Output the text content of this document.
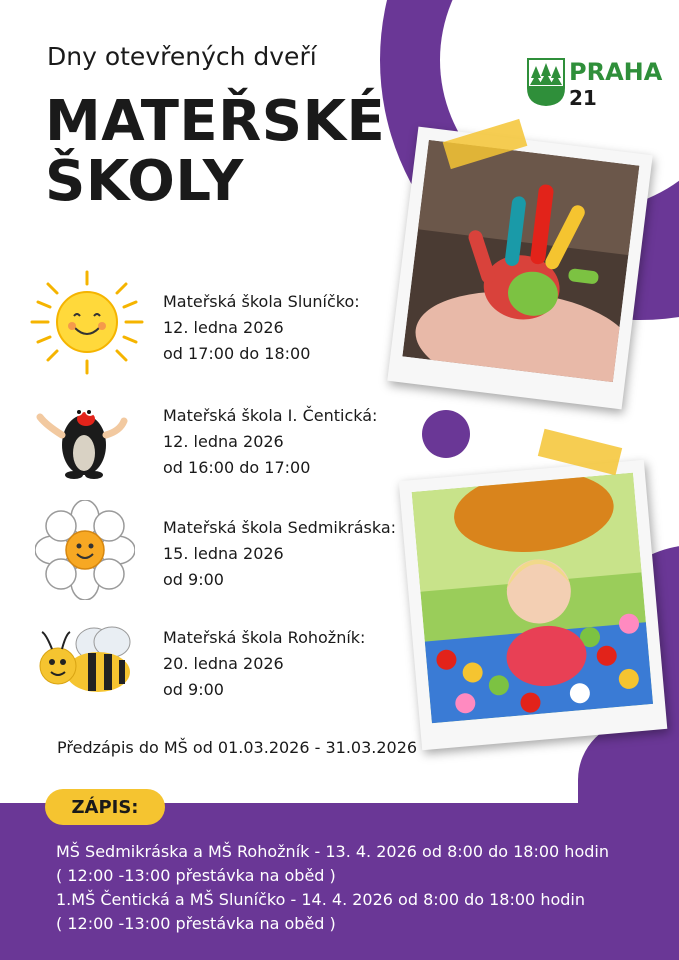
Dny otevřených dveří
MATEŘSKÉ
ŠKOLY
PRAHA
21
Mateřská škola Sluníčko:
12. ledna 2026
od 17:00 do 18:00
Mateřská škola I. Čentická:
12. ledna 2026
od 16:00 do 17:00
Mateřská škola Sedmikráska:
15. ledna 2026
od 9:00
Mateřská škola Rohožník:
20. ledna 2026
od 9:00
Předzápis do MŠ od 01.03.2026 - 31.03.2026
ZÁPIS:
MŠ Sedmikráska a MŠ Rohožník - 13. 4. 2026 od 8:00 do 18:00 hodin
( 12:00 -13:00 přestávka na oběd )
1.MŠ Čentická a MŠ Sluníčko - 14. 4. 2026 od 8:00 do 18:00 hodin
( 12:00 -13:00 přestávka na oběd )
